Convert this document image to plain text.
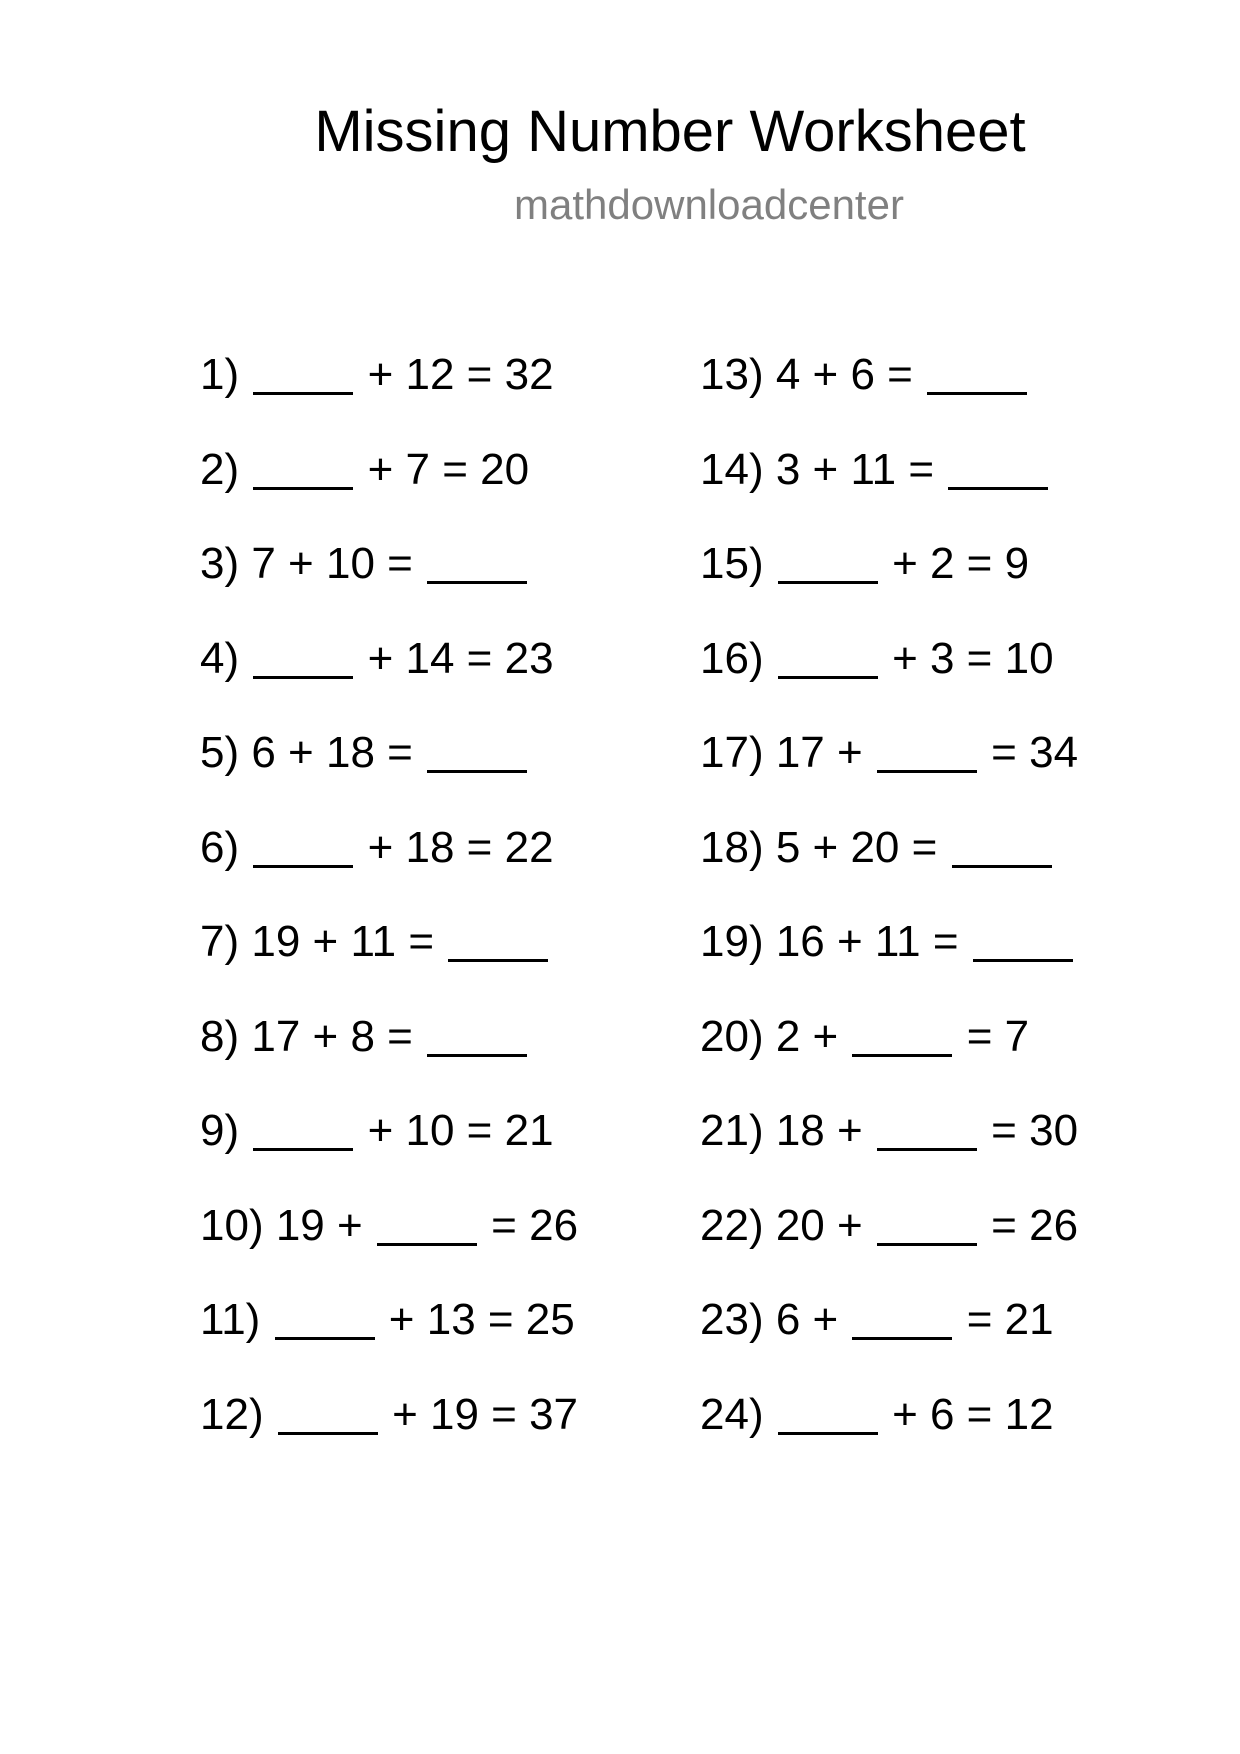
Missing Number Worksheet
mathdownloadcenter
1)	+ 12 = 32
2)	+ 7 = 20
3) 7 + 10 =
4)	+ 14 = 23
5) 6 + 18 =
6)	+ 18 = 22
7) 19 + 11 =
8) 17 + 8 =
9)	+ 10 = 21
10) 19 +	= 26
11)	+ 13 = 25
12)	+ 19 = 37
13) 4 + 6 =
14) 3 + 11 =
15)	+ 2 = 9
16)	+ 3 = 10
17) 17 +	= 34
18) 5 + 20 =
19) 16 + 11 =
20) 2 +	= 7
21) 18 +	= 30
22) 20 +	= 26
23) 6 +	= 21
24)	+ 6 = 12
